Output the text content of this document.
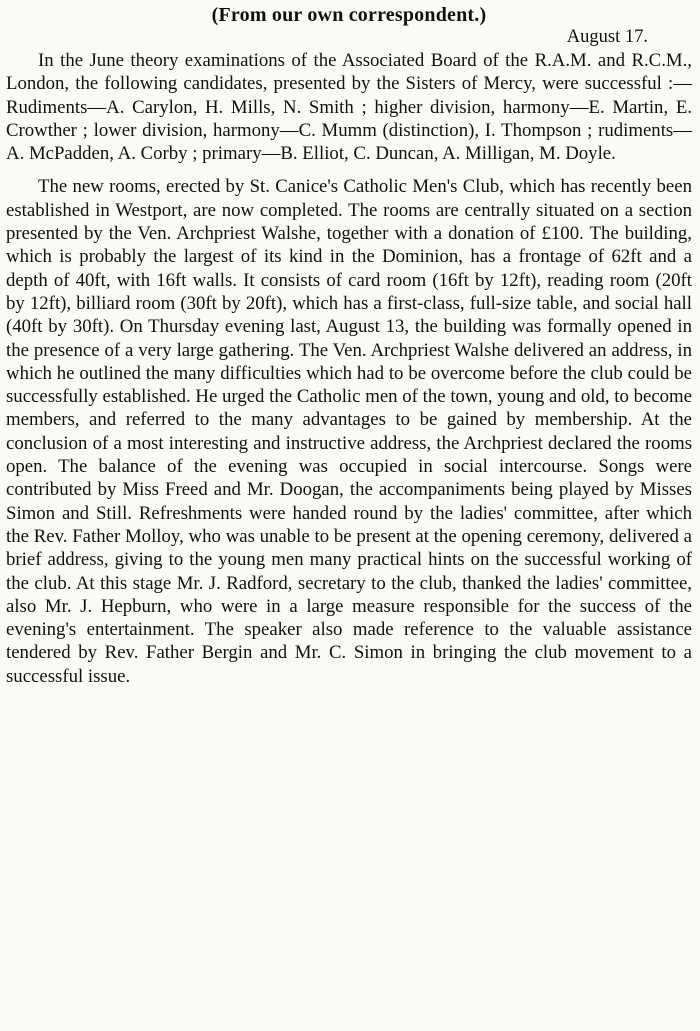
(From our own correspondent.)
August 17.

In the June theory examinations of the Associated Board of the R.A.M. and R.C.M., London, the following candidates, presented by the Sisters of Mercy, were successful :—Rudiments—A. Carylon, H. Mills, N. Smith ; higher division, harmony—E. Martin, E. Crowther ; lower division, harmony—C. Mumm (distinction), I. Thompson ; rudiments—A. McPadden, A. Corby ; primary—B. Elliot, C. Duncan, A. Milligan, M. Doyle.

The new rooms, erected by St. Canice's Catholic Men's Club, which has recently been established in Westport, are now completed. The rooms are centrally situated on a section presented by the Ven. Archpriest Walshe, together with a donation of £100. The building, which is probably the largest of its kind in the Dominion, has a frontage of 62ft and a depth of 40ft, with 16ft walls. It consists of card room (16ft by 12ft), reading room (20ft by 12ft), billiard room (30ft by 20ft), which has a first-class, full-size table, and social hall (40ft by 30ft). On Thursday evening last, August 13, the building was formally opened in the presence of a very large gathering. The Ven. Archpriest Walshe delivered an address, in which he outlined the many difficulties which had to be overcome before the club could be successfully established. He urged the Catholic men of the town, young and old, to become members, and referred to the many advantages to be gained by membership. At the conclusion of a most interesting and instructive address, the Archpriest declared the rooms open. The balance of the evening was occupied in social intercourse. Songs were contributed by Miss Freed and Mr. Doogan, the accompaniments being played by Misses Simon and Still. Refreshments were handed round by the ladies' committee, after which the Rev. Father Molloy, who was unable to be present at the opening ceremony, delivered a brief address, giving to the young men many practical hints on the successful working of the club. At this stage Mr. J. Radford, secretary to the club, thanked the ladies' committee, also Mr. J. Hepburn, who were in a large measure responsible for the success of the evening's entertainment. The speaker also made reference to the valuable assistance tendered by Rev. Father Bergin and Mr. C. Simon in bringing the club movement to a successful issue.
